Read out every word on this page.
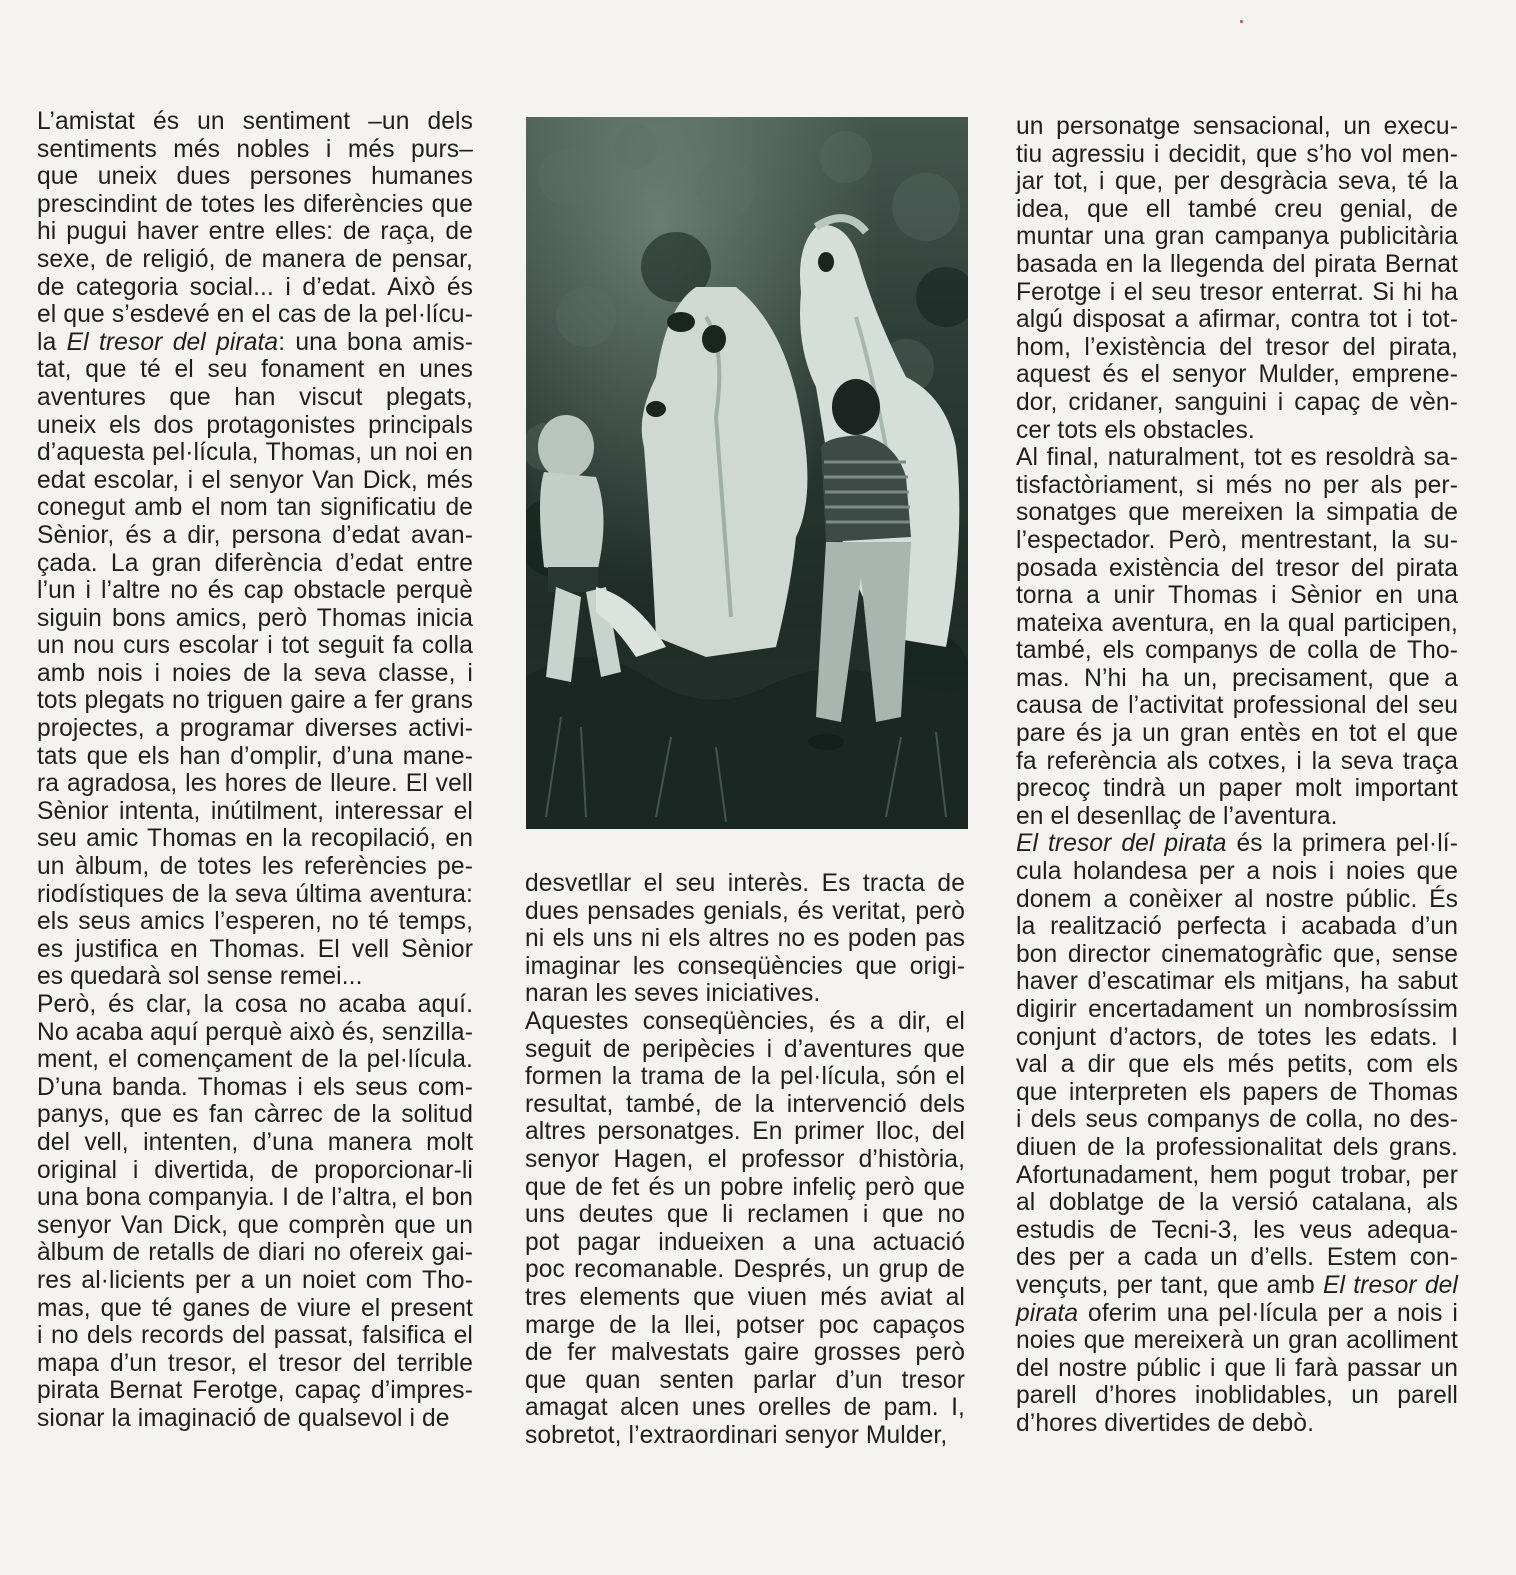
L’amistat és un sentiment –un dels
sentiments més nobles i més purs–
que uneix dues persones humanes
prescindint de totes les diferències que
hi pugui haver entre elles: de raça, de
sexe, de religió, de manera de pensar,
de categoria social... i d’edat. Això és
el que s’esdevé en el cas de la pel·lícu-
la El tresor del pirata: una bona amis-
tat, que té el seu fonament en unes
aventures que han viscut plegats,
uneix els dos protagonistes principals
d’aquesta pel·lícula, Thomas, un noi en
edat escolar, i el senyor Van Dick, més
conegut amb el nom tan significatiu de
Sènior, és a dir, persona d’edat avan-
çada. La gran diferència d’edat entre
l’un i l’altre no és cap obstacle perquè
siguin bons amics, però Thomas inicia
un nou curs escolar i tot seguit fa colla
amb nois i noies de la seva classe, i
tots plegats no triguen gaire a fer grans
projectes, a programar diverses activi-
tats que els han d’omplir, d’una mane-
ra agradosa, les hores de lleure. El vell
Sènior intenta, inútilment, interessar el
seu amic Thomas en la recopilació, en
un àlbum, de totes les referències pe-
riodístiques de la seva última aventura:
els seus amics l’esperen, no té temps,
es justifica en Thomas. El vell Sènior
es quedarà sol sense remei...
Però, és clar, la cosa no acaba aquí.
No acaba aquí perquè això és, senzilla-
ment, el començament de la pel·lícula.
D’una banda. Thomas i els seus com-
panys, que es fan càrrec de la solitud
del vell, intenten, d’una manera molt
original i divertida, de proporcionar-li
una bona companyia. I de l’altra, el bon
senyor Van Dick, que comprèn que un
àlbum de retalls de diari no ofereix gai-
res al·licients per a un noiet com Tho-
mas, que té ganes de viure el present
i no dels records del passat, falsifica el
mapa d’un tresor, el tresor del terrible
pirata Bernat Ferotge, capaç d’impres-
sionar la imaginació de qualsevol i de
desvetllar el seu interès. Es tracta de
dues pensades genials, és veritat, però
ni els uns ni els altres no es poden pas
imaginar les conseqüències que origi-
naran les seves iniciatives.
Aquestes conseqüències, és a dir, el
seguit de peripècies i d’aventures que
formen la trama de la pel·lícula, són el
resultat, també, de la intervenció dels
altres personatges. En primer lloc, del
senyor Hagen, el professor d’història,
que de fet és un pobre infeliç però que
uns deutes que li reclamen i que no
pot pagar indueixen a una actuació
poc recomanable. Després, un grup de
tres elements que viuen més aviat al
marge de la llei, potser poc capaços
de fer malvestats gaire grosses però
que quan senten parlar d’un tresor
amagat alcen unes orelles de pam. I,
sobretot, l’extraordinari senyor Mulder,
un personatge sensacional, un execu-
tiu agressiu i decidit, que s’ho vol men-
jar tot, i que, per desgràcia seva, té la
idea, que ell també creu genial, de
muntar una gran campanya publicitària
basada en la llegenda del pirata Bernat
Ferotge i el seu tresor enterrat. Si hi ha
algú disposat a afirmar, contra tot i tot-
hom, l’existència del tresor del pirata,
aquest és el senyor Mulder, emprene-
dor, cridaner, sanguini i capaç de vèn-
cer tots els obstacles.
Al final, naturalment, tot es resoldrà sa-
tisfactòriament, si més no per als per-
sonatges que mereixen la simpatia de
l’espectador. Però, mentrestant, la su-
posada existència del tresor del pirata
torna a unir Thomas i Sènior en una
mateixa aventura, en la qual participen,
també, els companys de colla de Tho-
mas. N’hi ha un, precisament, que a
causa de l’activitat professional del seu
pare és ja un gran entès en tot el que
fa referència als cotxes, i la seva traça
precoç tindrà un paper molt important
en el desenllaç de l’aventura.
El tresor del pirata és la primera pel·lí-
cula holandesa per a nois i noies que
donem a conèixer al nostre públic. És
la realització perfecta i acabada d’un
bon director cinematogràfic que, sense
haver d’escatimar els mitjans, ha sabut
digirir encertadament un nombrosíssim
conjunt d’actors, de totes les edats. I
val a dir que els més petits, com els
que interpreten els papers de Thomas
i dels seus companys de colla, no des-
diuen de la professionalitat dels grans.
Afortunadament, hem pogut trobar, per
al doblatge de la versió catalana, als
estudis de Tecni-3, les veus adequa-
des per a cada un d’ells. Estem con-
vençuts, per tant, que amb El tresor del
pirata oferim una pel·lícula per a nois i
noies que mereixerà un gran acolliment
del nostre públic i que li farà passar un
parell d’hores inoblidables, un parell
d’hores divertides de debò.
